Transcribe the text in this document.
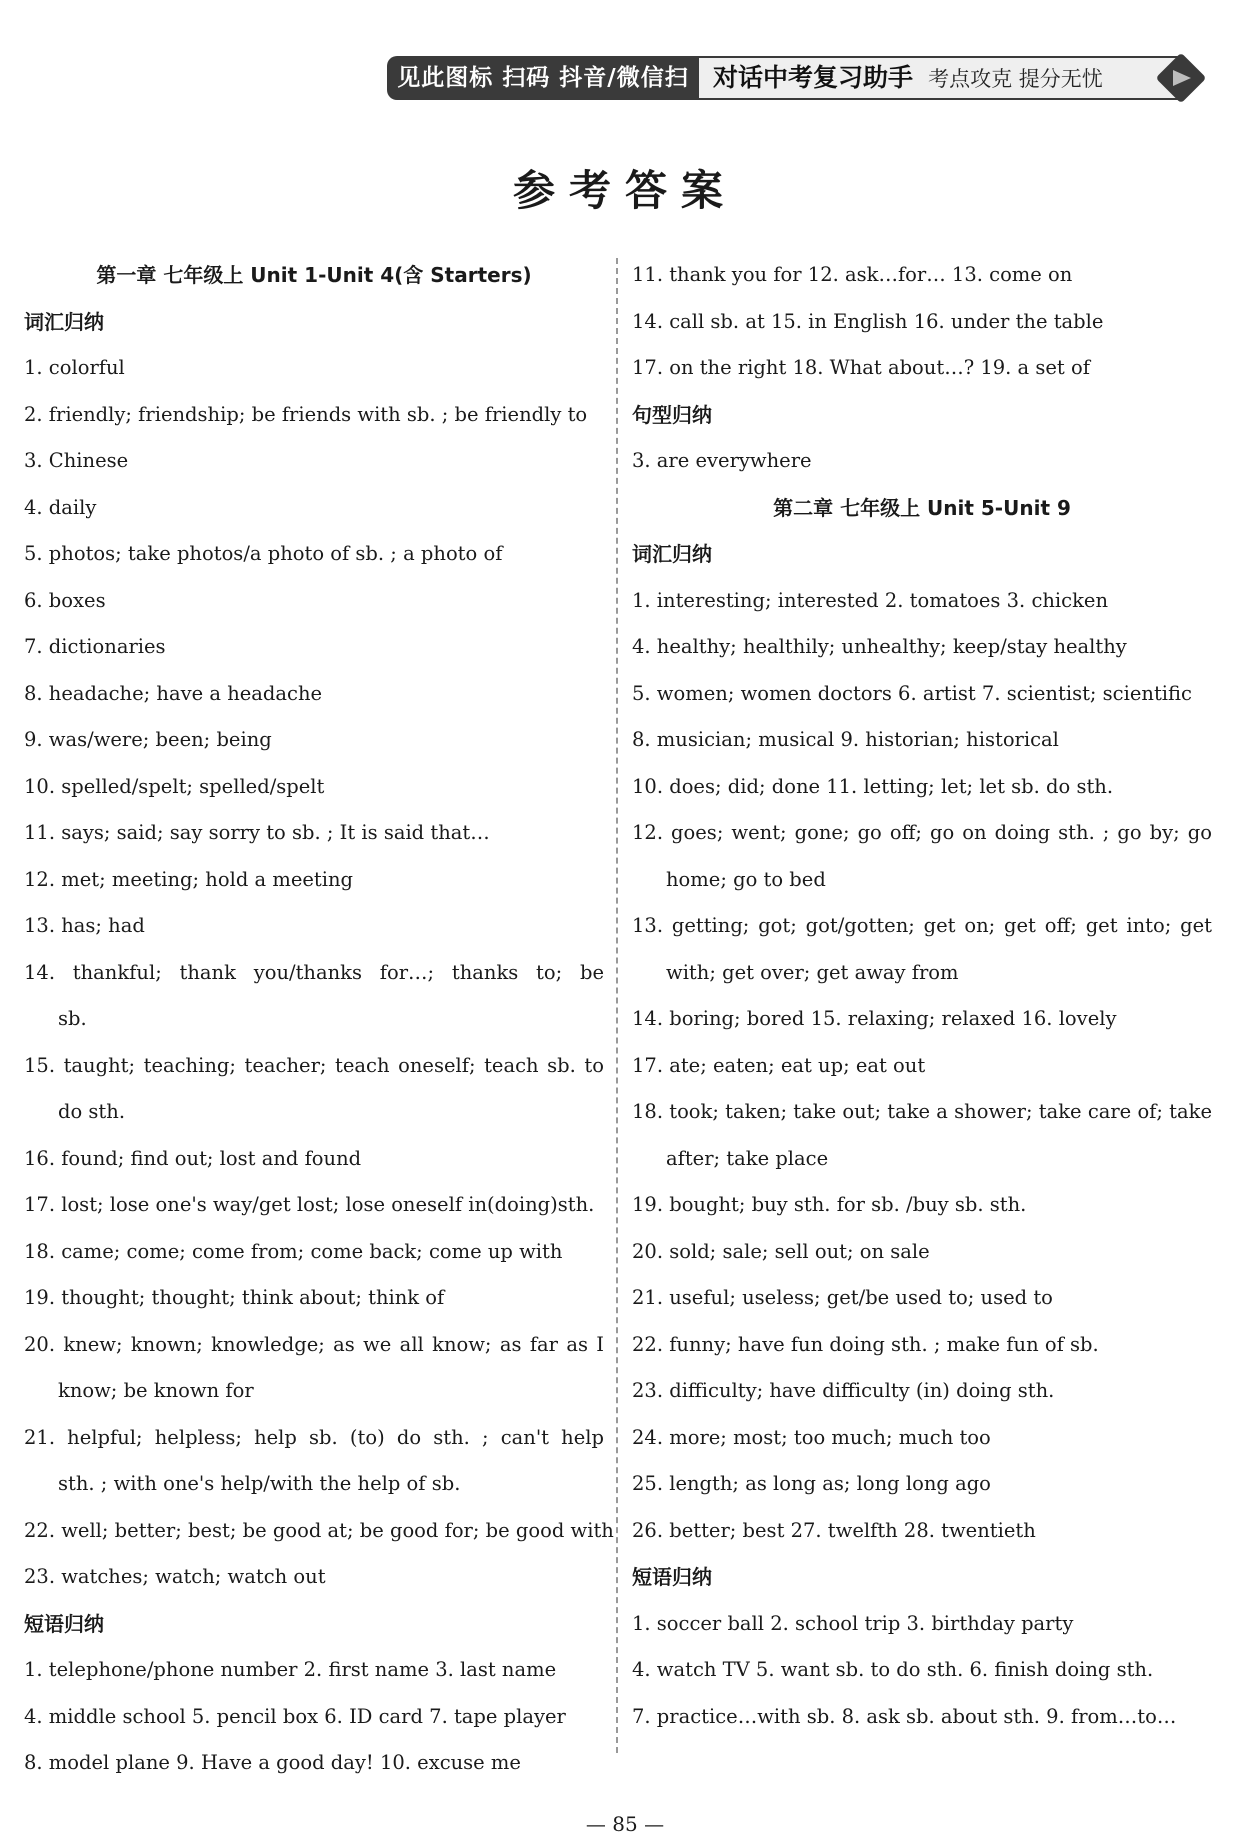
见此图标 扫码 抖音/微信扫码
对话中考复习助手 考点攻克 提分无忧
参考答案
第一章 七年级上 Unit 1-Unit 4(含 Starters)
词汇归纳
1. colorful
2. friendly; friendship; be friends with sb. ; be friendly to
3. Chinese
4. daily
5. photos; take photos/a photo of sb. ; a photo of
6. boxes
7. dictionaries
8. headache; have a headache
9. was/were; been; being
10. spelled/spelt; spelled/spelt
11. says; said; say sorry to sb. ; It is said that…
12. met; meeting; hold a meeting
13. has; had
14. thankful; thank you/thanks for…; thanks to; be
sb.
15. taught; teaching; teacher; teach oneself; teach sb. to
do sth.
16. found; find out; lost and found
17. lost; lose one's way/get lost; lose oneself in(doing)sth.
18. came; come; come from; come back; come up with
19. thought; thought; think about; think of
20. knew; known; knowledge; as we all know; as far as I
know; be known for
21. helpful; helpless; help sb. (to) do sth. ; can't help
sth. ; with one's help/with the help of sb.
22. well; better; best; be good at; be good for; be good with
23. watches; watch; watch out
短语归纳
1. telephone/phone number 2. first name 3. last name
4. middle school 5. pencil box 6. ID card 7. tape player
8. model plane 9. Have a good day! 10. excuse me
11. thank you for 12. ask…for… 13. come on
14. call sb. at 15. in English 16. under the table
17. on the right 18. What about…? 19. a set of
句型归纳
3. are everywhere
第二章 七年级上 Unit 5-Unit 9
词汇归纳
1. interesting; interested 2. tomatoes 3. chicken
4. healthy; healthily; unhealthy; keep/stay healthy
5. women; women doctors 6. artist 7. scientist; scientific
8. musician; musical 9. historian; historical
10. does; did; done 11. letting; let; let sb. do sth.
12. goes; went; gone; go off; go on doing sth. ; go by; go
home; go to bed
13. getting; got; got/gotten; get on; get off; get into; get
with; get over; get away from
14. boring; bored 15. relaxing; relaxed 16. lovely
17. ate; eaten; eat up; eat out
18. took; taken; take out; take a shower; take care of; take
after; take place
19. bought; buy sth. for sb. /buy sb. sth.
20. sold; sale; sell out; on sale
21. useful; useless; get/be used to; used to
22. funny; have fun doing sth. ; make fun of sb.
23. difficulty; have difficulty (in) doing sth.
24. more; most; too much; much too
25. length; as long as; long long ago
26. better; best 27. twelfth 28. twentieth
短语归纳
1. soccer ball 2. school trip 3. birthday party
4. watch TV 5. want sb. to do sth. 6. finish doing sth.
7. practice…with sb. 8. ask sb. about sth. 9. from…to…
— 85 —
